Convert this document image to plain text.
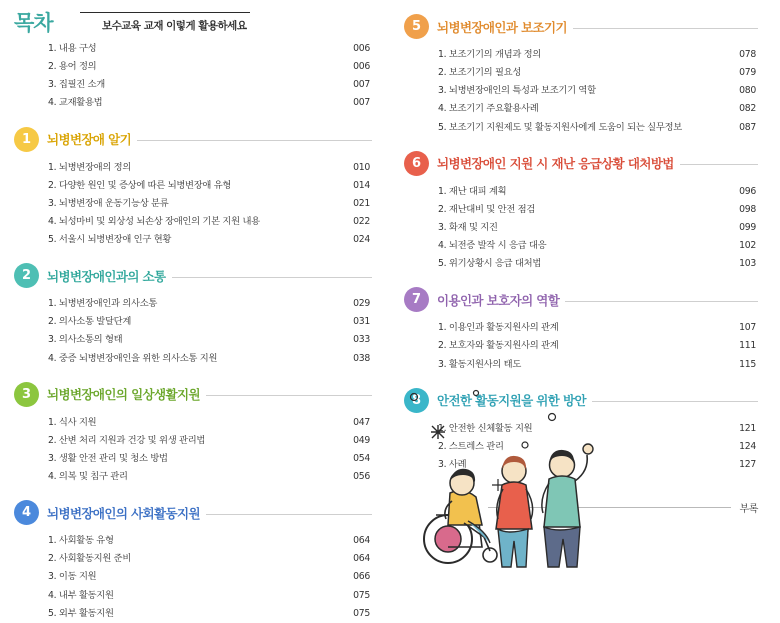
목차	보수교육 교재 이렇게 활용하세요
1. 내용 구성	006
2. 용어 정의	006
3. 집필진 소개	007
4. 교재활용법	007
1	뇌병변장애 알기
1. 뇌병변장애의 정의	010
2. 다양한 원인 및 증상에 따른 뇌병변장애 유형	014
3. 뇌병변장애 운동기능상 분류	021
4. 뇌성마비 및 외상성 뇌손상 장애인의 기본 지원 내용	022
5. 서울시 뇌병변장애 인구 현황	024
2	뇌병변장애인과의 소통
1. 뇌병변장애인과 의사소통	029
2. 의사소통 발달단계	031
3. 의사소통의 형태	033
4. 중증 뇌병변장애인을 위한 의사소통 지원	038
3	뇌병변장애인의 일상생활지원
1. 식사 지원	047
2. 산변 처리 지원과 건강 및 위생 관리법	049
3. 생활 안전 관리 및 청소 방법	054
4. 의복 및 침구 관리	056
4	뇌병변장애인의 사회활동지원
1. 사회활동 유형	064
2. 사회활동지원 준비	064
3. 이동 지원	066
4. 내부 활동지원	075
5. 외부 활동지원	075
5	뇌병변장애인과 보조기기
1. 보조기기의 개념과 정의	078
2. 보조기기의 필요성	079
3. 뇌병변장애인의 특성과 보조기기 역할	080
4. 보조기기 주요활용사례	082
5. 보조기기 지원제도 및 활동지원사에게 도움이 되는 실무정보	087
6	뇌병변장애인 지원 시 재난 응급상황 대처방법
1. 재난 대피 계획	096
2. 재난대비 및 안전 점검	098
3. 화재 및 지진	099
4. 뇌전증 발작 시 응급 대응	102
5. 위기상황시 응급 대처법	103
7	이용인과 보호자의 역할
1. 이용인과 활동지원사의 관계	107
2. 보호자와 활동지원사의 관계	111
3. 활동지원사의 태도	115
8	안전한 활동지원을 위한 방안
1. 안전한 신체활동 지원	121
2. 스트레스 관리	124
3. 사례	127
부록
